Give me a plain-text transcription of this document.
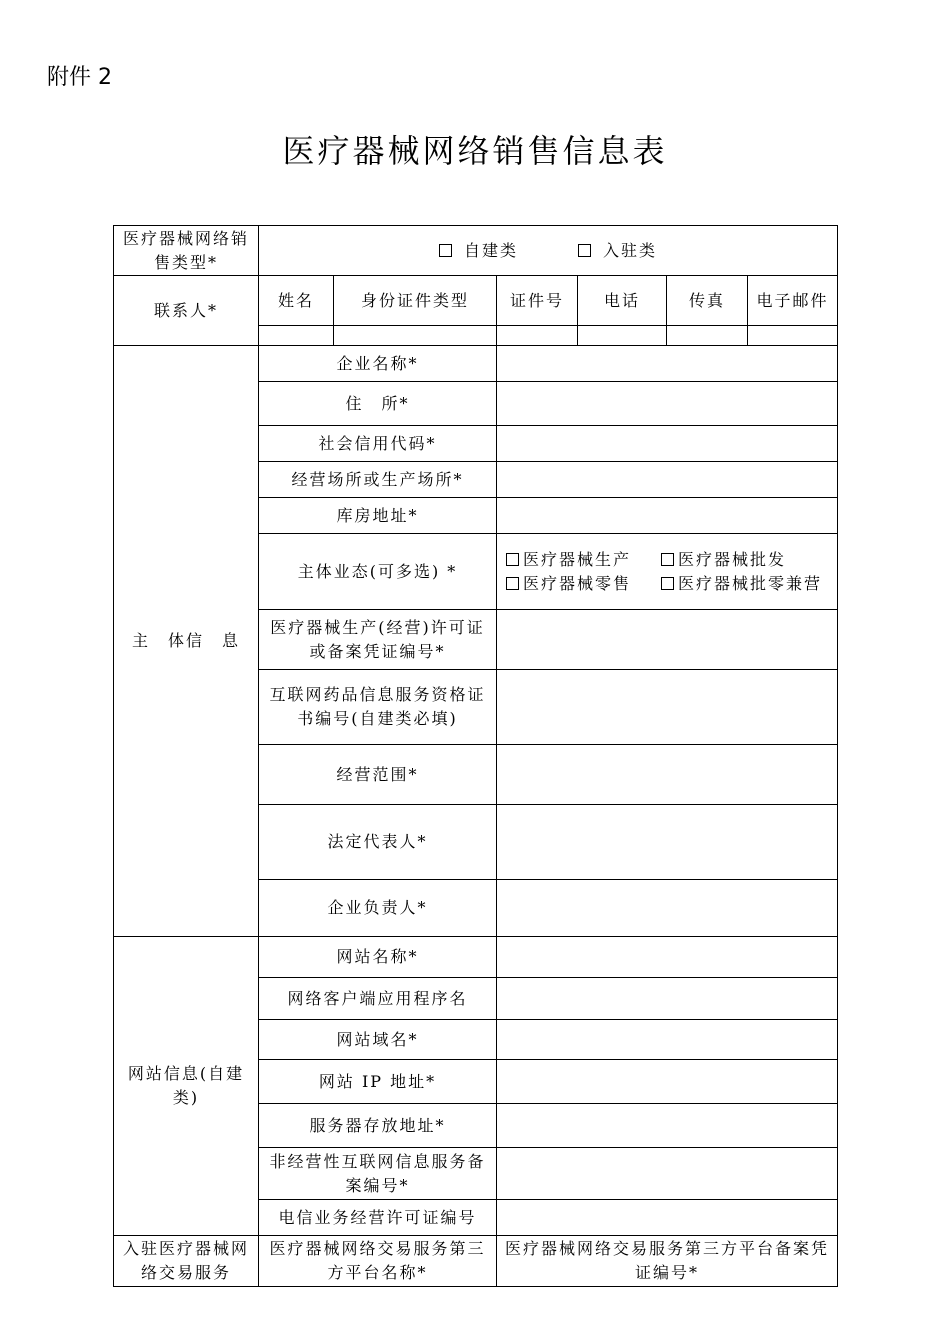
附件 2
医疗器械网络销售信息表
医疗器械网络销售类型*	自建类 入驻类					

联系人*	姓名	身份证件类型	证件号	电话	传真	电子邮件

主　体信　息	企业名称*					
	住　所*					
	社会信用代码*					
	经营场所或生产场所*					
	库房地址*					
	主体业态(可多选) *		医疗器械生产 医疗器械批发
医疗器械零售 医疗器械批零兼营			

	医疗器械生产(经营)许可证或备案凭证编号*					
	互联网药品信息服务资格证书编号(自建类必填)					
	经营范围*					
	法定代表人*					
	企业负责人*					
网站信息(自建类)	网站名称*					
	网络客户端应用程序名					
	网站域名*					
	网站 IP 地址*					
	服务器存放地址*					
	非经营性互联网信息服务备案编号*					
	电信业务经营许可证编号					
入驻医疗器械网络交易服务	医疗器械网络交易服务第三方平台名称*		医疗器械网络交易服务第三方平台备案凭证编号*			
